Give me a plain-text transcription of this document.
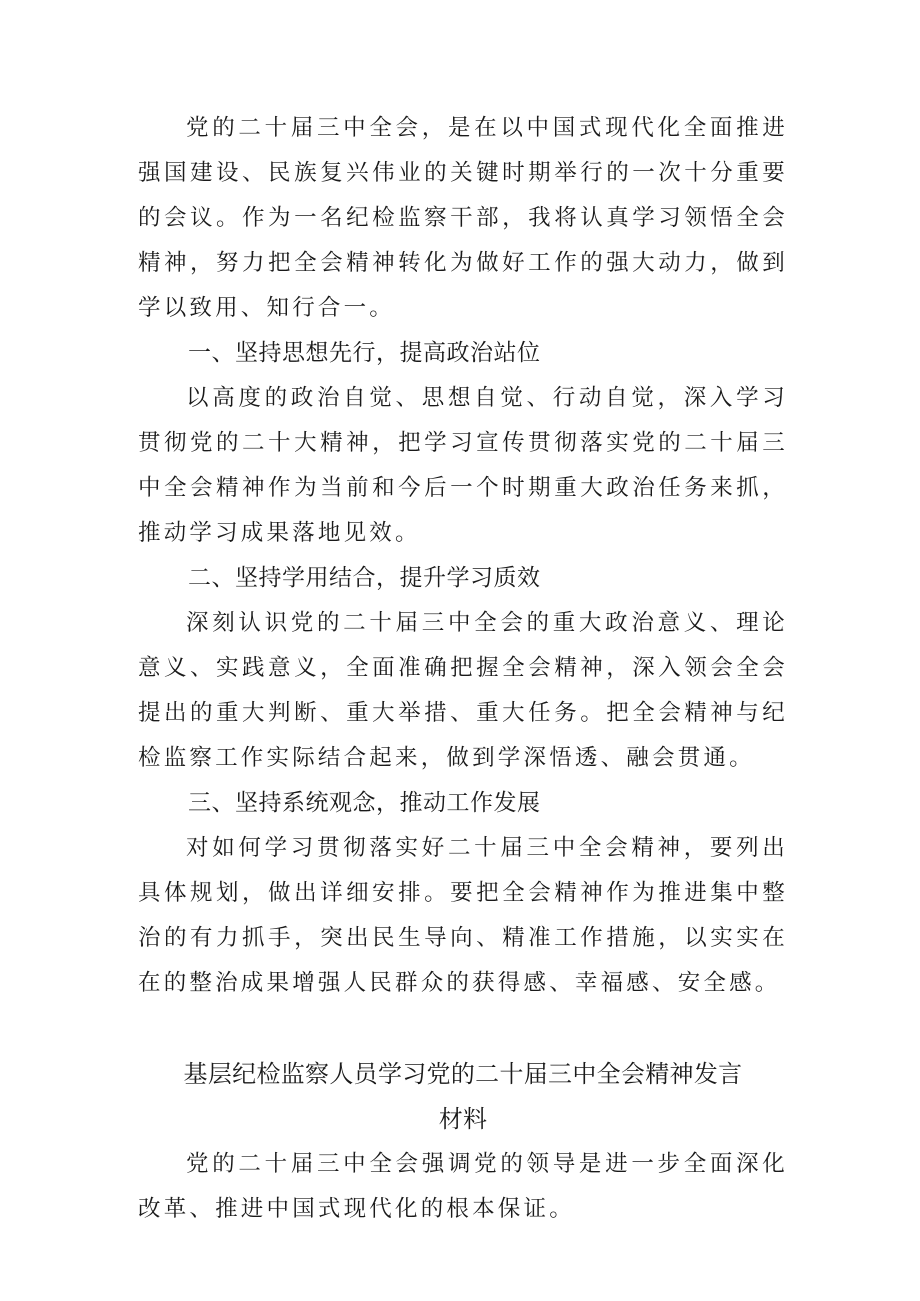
党的二十届三中全会，是在以中国式现代化全面推进强国建设、民族复兴伟业的关键时期举行的一次十分重要的会议。作为一名纪检监察干部，我将认真学习领悟全会精神，努力把全会精神转化为做好工作的强大动力，做到学以致用、知行合一。

一、坚持思想先行，提高政治站位

以高度的政治自觉、思想自觉、行动自觉，深入学习贯彻党的二十大精神，把学习宣传贯彻落实党的二十届三中全会精神作为当前和今后一个时期重大政治任务来抓，推动学习成果落地见效。

二、坚持学用结合，提升学习质效

深刻认识党的二十届三中全会的重大政治意义、理论意义、实践意义，全面准确把握全会精神，深入领会全会提出的重大判断、重大举措、重大任务。把全会精神与纪检监察工作实际结合起来，做到学深悟透、融会贯通。

三、坚持系统观念，推动工作发展

对如何学习贯彻落实好二十届三中全会精神，要列出具体规划，做出详细安排。要把全会精神作为推进集中整治的有力抓手，突出民生导向、精准工作措施，以实实在在的整治成果增强人民群众的获得感、幸福感、安全感。

基层纪检监察人员学习党的二十届三中全会精神发言
材料

党的二十届三中全会强调党的领导是进一步全面深化改革、推进中国式现代化的根本保证。
